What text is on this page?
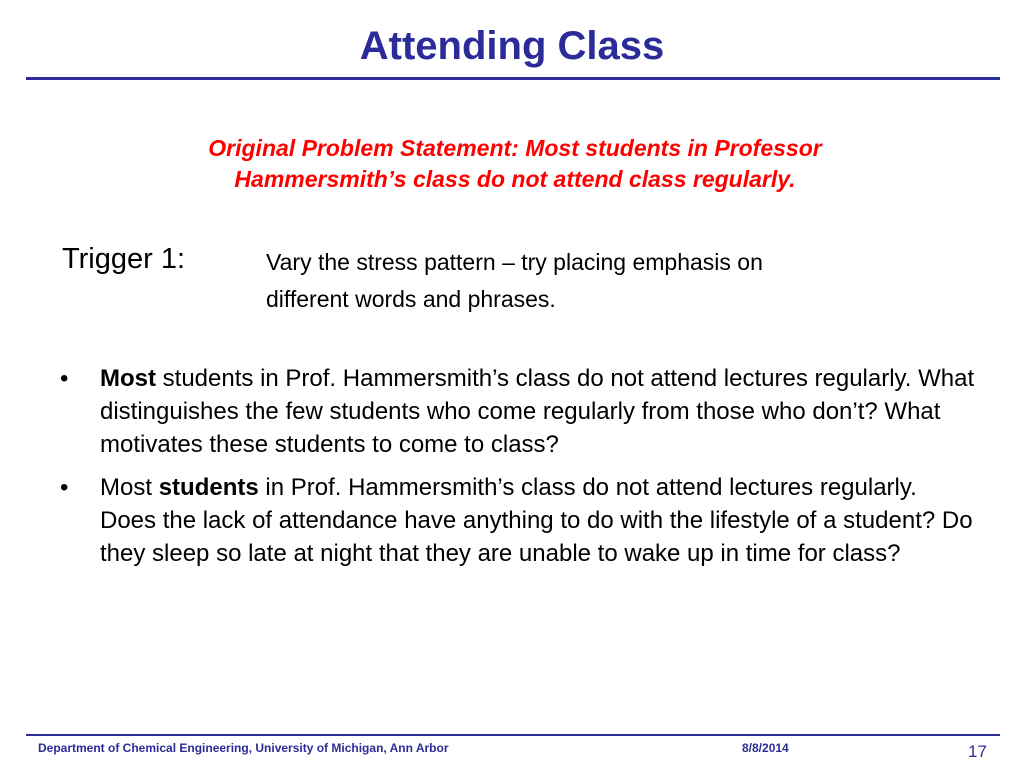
Attending Class
Original Problem Statement: Most students in Professor
Hammersmith’s class do not attend class regularly.
Trigger 1:	Vary the stress pattern – try placing emphasis on
different words and phrases.
• Most students in Prof. Hammersmith’s class do not attend lectures regularly. What distinguishes the few students who come regularly from those who don’t? What motivates these students to come to class?
• Most students in Prof. Hammersmith’s class do not attend lectures regularly. Does the lack of attendance have anything to do with the lifestyle of a student? Do they sleep so late at night that they are unable to wake up in time for class?
Department of Chemical Engineering, University of Michigan, Ann Arbor	8/8/2014	17
